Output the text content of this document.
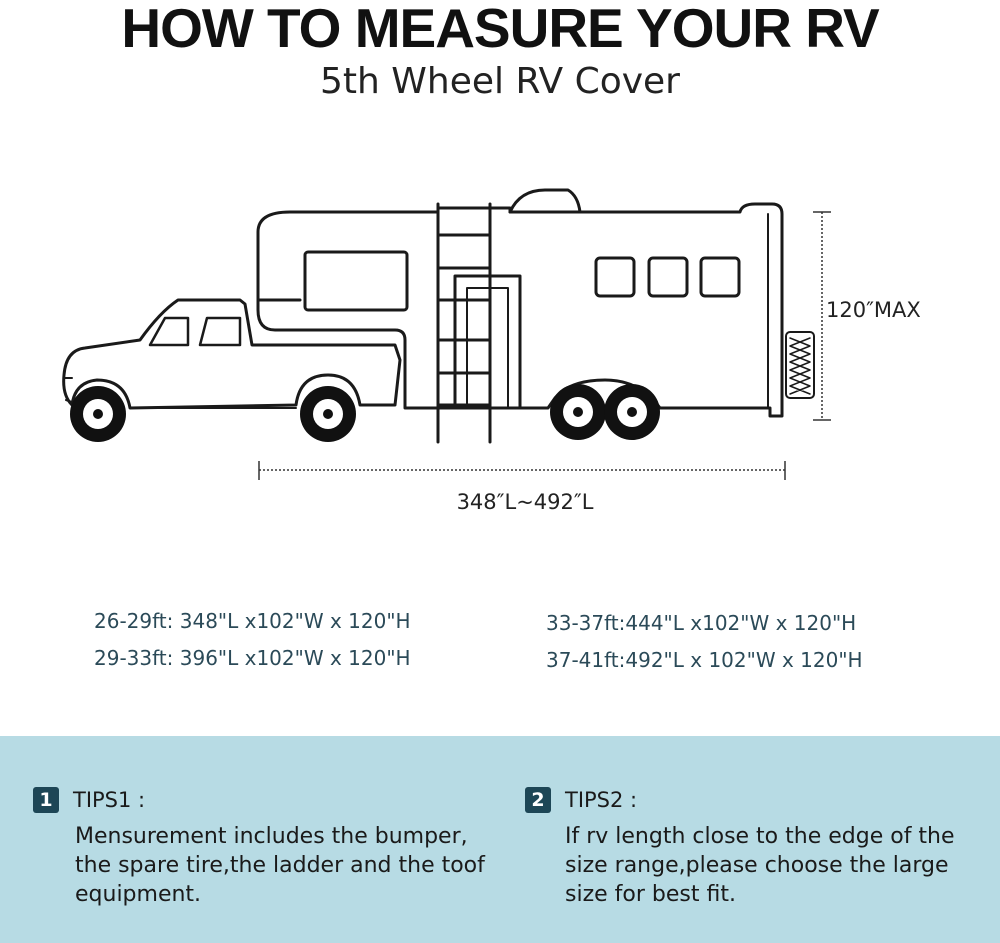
HOW TO MEASURE YOUR RV
5th Wheel RV Cover
120″MAX
348″L~492″L
26-29ft: 348"L x102"W x 120"H
29-33ft: 396"L x102"W x 120"H
33-37ft:444"L x102"W x 120"H
37-41ft:492"L x 102"W x 120"H
1 TIPS1 :
Mensurement includes the bumper,
the spare tire,the ladder and the toof
equipment.
2 TIPS2 :
If rv length close to the edge of the
size range,please choose the large
size for best fit.
